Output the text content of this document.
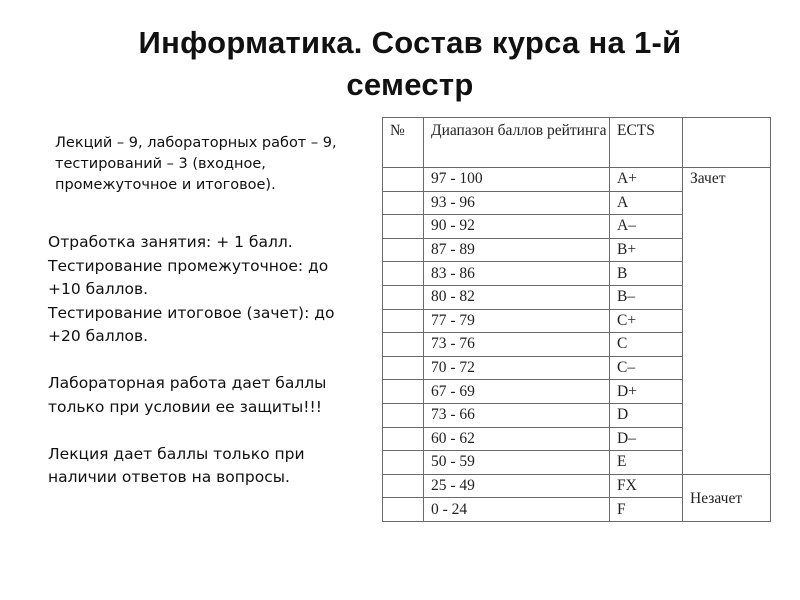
Информатика. Состав курса на 1-й
семестр
Лекций – 9, лабораторных работ – 9, тестирований – 3 (входное, промежуточное и итоговое).
Отработка занятия: + 1 балл.
Тестирование промежуточное: до +10 баллов.
Тестирование итоговое (зачет): до +20 баллов.
Лабораторная работа дает баллы только при условии ее защиты!!!
Лекция дает баллы только при наличии ответов на вопросы.
№	Диапазон баллов рейтинга	ECTS	
	97 - 100	A+	Зачет
	93 - 96	A	
	90 - 92	A–	
	87 - 89	B+	
	83 - 86	B	
	80 - 82	B–	
	77 - 79	C+	
	73 - 76	C	
	70 - 72	C–	
	67 - 69	D+	
	73 - 66	D	
	60 - 62	D–	
	50 - 59	E	
	25 - 49	FX	Незачет
	0 - 24	F	
